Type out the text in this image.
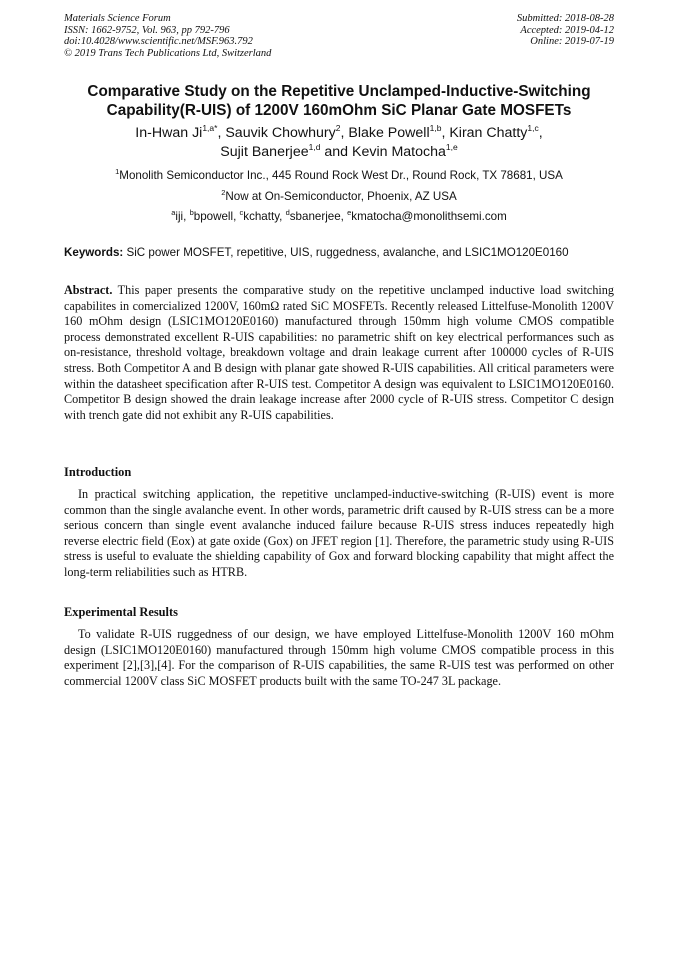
Materials Science Forum
ISSN: 1662-9752, Vol. 963, pp 792-796
doi:10.4028/www.scientific.net/MSF.963.792
© 2019 Trans Tech Publications Ltd, Switzerland
Submitted: 2018-08-28
Accepted: 2019-04-12
Online: 2019-07-19
Comparative Study on the Repetitive Unclamped-Inductive-Switching
Capability(R-UIS) of 1200V 160mOhm SiC Planar Gate MOSFETs
In-Hwan $Ji^{1,a*}$, Sauvik Chowhury$^2$, Blake Powell$^{1,b}$, Kiran Chatty$^{1,c}$,
Sujit Banerjee$^{1,d}$ and Kevin Matocha$^{1,e}$
$^1$Monolith Semiconductor Inc., 445 Round Rock West Dr., Round Rock, TX 78681, USA
$^2$Now at On-Semiconductor, Phoenix, AZ USA
$^a$iji, $^b$bpowell, $^c$kchatty, $^d$sbanerjee, $^e$kmatocha@monolithsemi.com
Keywords: SiC power MOSFET, repetitive, UIS, ruggedness, avalanche, and LSIC1MO120E0160
Abstract. This paper presents the comparative study on the repetitive unclamped inductive load switching capabilites in comercialized 1200V, 160mΩ rated SiC MOSFETs. Recently released Littelfuse-Monolith 1200V 160 mOhm design (LSIC1MO120E0160) manufactured through 150mm high volume CMOS compatible process demonstrated excellent R-UIS capabilities: no parametric shift on key electrical performances such as on-resistance, threshold voltage, breakdown voltage and drain leakage current after 100000 cycles of R-UIS stress. Both Competitor A and B design with planar gate showed R-UIS capabilities. All critical parameters were within the datasheet specification after R-UIS test. Competitor A design was equivalent to LSIC1MO120E0160. Competitor B design showed the drain leakage increase after 2000 cycle of R-UIS stress. Competitor C design with trench gate did not exhibit any R-UIS capabilities.
Introduction
In practical switching application, the repetitive unclamped-inductive-switching (R-UIS) event is more common than the single avalanche event. In other words, parametric drift caused by R-UIS stress can be a more serious concern than single event avalanche induced failure because R-UIS stress induces repeatedly high reverse electric field (Eox) at gate oxide (Gox) on JFET region [1]. Therefore, the parametric study using R-UIS stress is useful to evaluate the shielding capability of Gox and forward blocking capability that might affect the long-term reliabilities such as HTRB.
Experimental Results
To validate R-UIS ruggedness of our design, we have employed Littelfuse-Monolith 1200V 160 mOhm design (LSIC1MO120E0160) manufactured through 150mm high volume CMOS compatible process in this experiment [2],[3],[4]. For the comparison of R-UIS capabilities, the same R-UIS test was performed on other commercial 1200V class SiC MOSFET products built with the same TO-247 3L package.
